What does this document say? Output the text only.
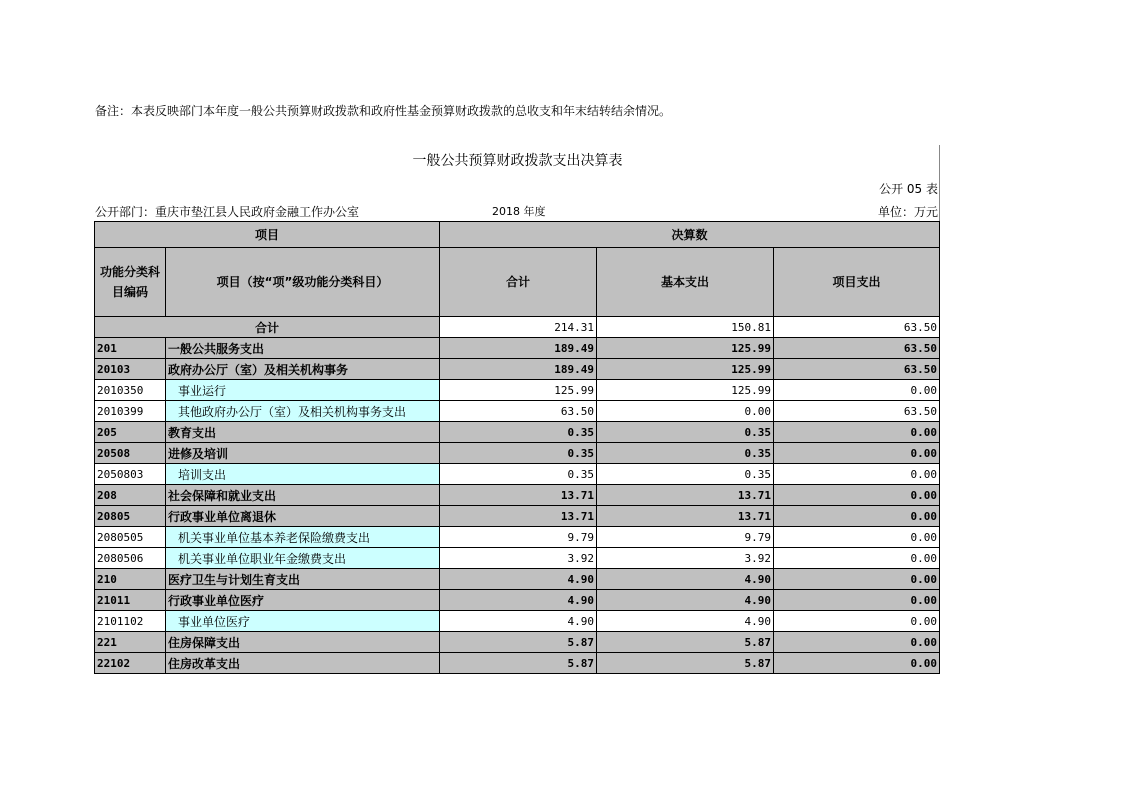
备注：本表反映部门本年度一般公共预算财政拨款和政府性基金预算财政拨款的总收支和年末结转结余情况。
一般公共预算财政拨款支出决算表
公开 05 表
公开部门：重庆市垫江县人民政府金融工作办公室	2018 年度	单位：万元
项目		决算数		
功能分类科目编码	项目（按“项”级功能分类科目）	合计	基本支出	项目支出
合计		214.31	150.81	63.50
201	一般公共服务支出	189.49	125.99	63.50
20103	政府办公厅（室）及相关机构事务	189.49	125.99	63.50
2010350	事业运行	125.99	125.99	0.00
2010399	其他政府办公厅（室）及相关机构事务支出	63.50	0.00	63.50
205	教育支出	0.35	0.35	0.00
20508	进修及培训	0.35	0.35	0.00
2050803	培训支出	0.35	0.35	0.00
208	社会保障和就业支出	13.71	13.71	0.00
20805	行政事业单位离退休	13.71	13.71	0.00
2080505	机关事业单位基本养老保险缴费支出	9.79	9.79	0.00
2080506	机关事业单位职业年金缴费支出	3.92	3.92	0.00
210	医疗卫生与计划生育支出	4.90	4.90	0.00
21011	行政事业单位医疗	4.90	4.90	0.00
2101102	事业单位医疗	4.90	4.90	0.00
221	住房保障支出	5.87	5.87	0.00
22102	住房改革支出	5.87	5.87	0.00
